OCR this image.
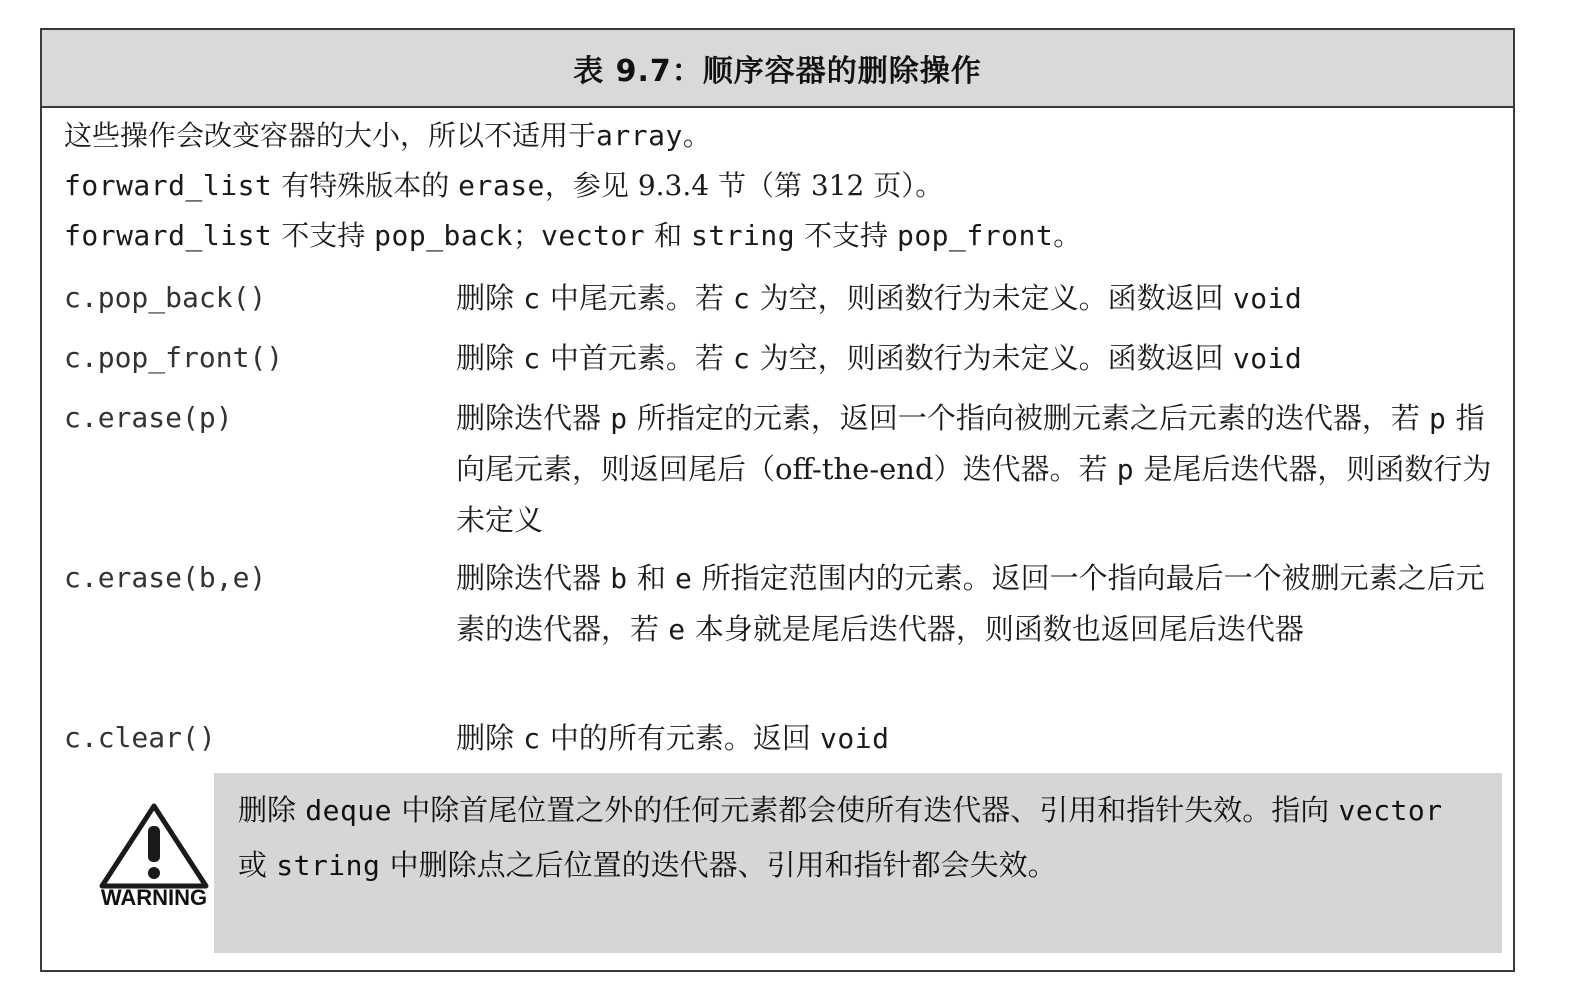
表 9.7：顺序容器的删除操作
这些操作会改变容器的大小，所以不适用于array。
forward_list 有特殊版本的 erase，参见 9.3.4 节（第 312 页）。
forward_list 不支持 pop_back；vector 和 string 不支持 pop_front。
c.pop_back()	删除 c 中尾元素。若 c 为空，则函数行为未定义。函数返回 void
c.pop_front()	删除 c 中首元素。若 c 为空，则函数行为未定义。函数返回 void
c.erase(p)	删除迭代器 p 所指定的元素，返回一个指向被删元素之后元素的迭代器，若 p 指向尾元素，则返回尾后（off-the-end）迭代器。若 p 是尾后迭代器，则函数行为未定义
c.erase(b,e)	删除迭代器 b 和 e 所指定范围内的元素。返回一个指向最后一个被删元素之后元素的迭代器，若 e 本身就是尾后迭代器，则函数也返回尾后迭代器
c.clear()	删除 c 中的所有元素。返回 void
WARNING
删除 deque 中除首尾位置之外的任何元素都会使所有迭代器、引用和指针失效。指向 vector 或 string 中删除点之后位置的迭代器、引用和指针都会失效。
